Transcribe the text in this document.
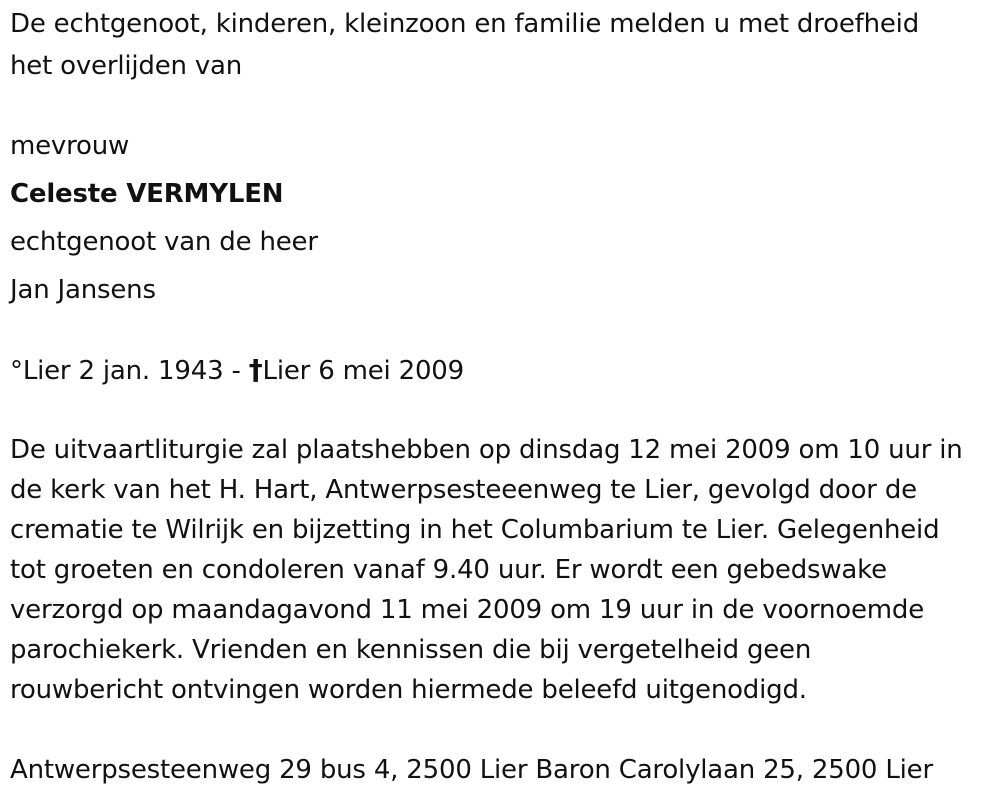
De echtgenoot, kinderen, kleinzoon en familie melden u met droefheid
het overlijden van
mevrouw
Celeste VERMYLEN
echtgenoot van de heer
Jan Jansens
°Lier 2 jan. 1943 - †Lier 6 mei 2009
De uitvaartliturgie zal plaatshebben op dinsdag 12 mei 2009 om 10 uur in
de kerk van het H. Hart, Antwerpsesteeenweg te Lier, gevolgd door de
crematie te Wilrijk en bijzetting in het Columbarium te Lier. Gelegenheid
tot groeten en condoleren vanaf 9.40 uur. Er wordt een gebedswake
verzorgd op maandagavond 11 mei 2009 om 19 uur in de voornoemde
parochiekerk. Vrienden en kennissen die bij vergetelheid geen
rouwbericht ontvingen worden hiermede beleefd uitgenodigd.
Antwerpsesteenweg 29 bus 4, 2500 Lier Baron Carolylaan 25, 2500 Lier
